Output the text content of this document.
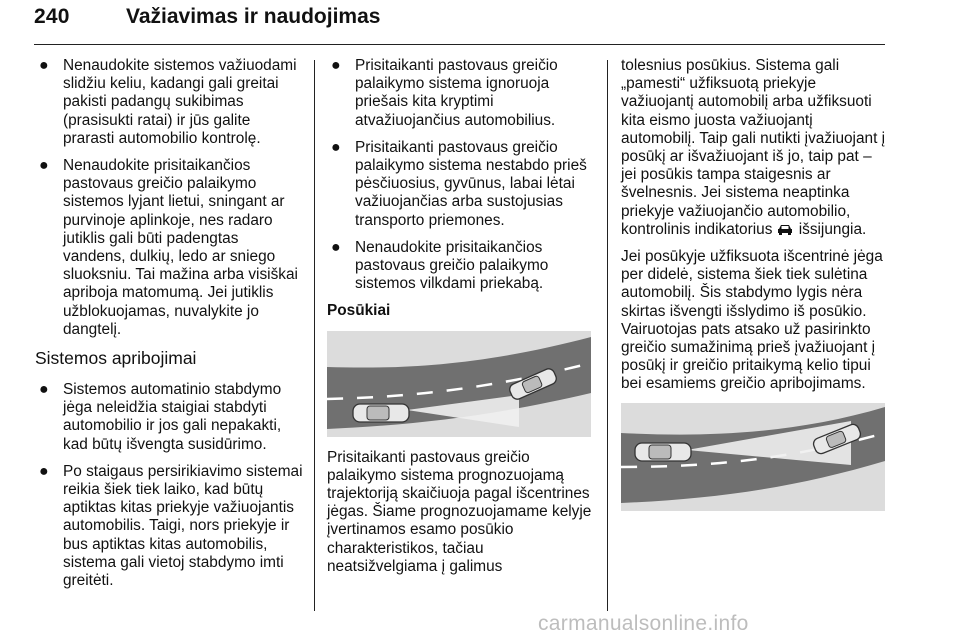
240	Važiavimas ir naudojimas
● Nenaudokite sistemos važiuodami slidžiu keliu, kadangi gali greitai pakisti padangų sukibimas (prasisukti ratai) ir jūs galite prarasti automobilio kontrolę.

● Nenaudokite prisitaikančios pastovaus greičio palaikymo sistemos lyjant lietui, sningant ar purvinoje aplinkoje, nes radaro jutiklis gali būti padengtas vandens, dulkių, ledo ar sniego sluoksniu. Tai mažina arba visiškai apriboja matomumą. Jei jutiklis užblokuojamas, nuvalykite jo dangtelį.

Sistemos apribojimai
● Sistemos automatinio stabdymo jėga neleidžia staigiai stabdyti automobilio ir jos gali nepakakti, kad būtų išvengta susidūrimo.

● Po staigaus persirikiavimo sistemai reikia šiek tiek laiko, kad būtų aptiktas kitas priekyje važiuojantis automobilis. Taigi, nors priekyje ir bus aptiktas kitas automobilis, sistema gali vietoj stabdymo imti greitėti.

● Prisitaikanti pastovaus greičio palaikymo sistema ignoruoja priešais kita kryptimi atvažiuojančius automobilius.

● Prisitaikanti pastovaus greičio palaikymo sistema nestabdo prieš pėsčiuosius, gyvūnus, labai lėtai važiuojančias arba sustojusias transporto priemones.

● Nenaudokite prisitaikančios pastovaus greičio palaikymo sistemos vilkdami priekabą.

Posūkiai

Prisitaikanti pastovaus greičio palaikymo sistema prognozuojamą trajektoriją skaičiuoja pagal išcentrines jėgas. Šiame prognozuojamame kelyje įvertinamos esamo posūkio charakteristikos, tačiau neatsižvelgiama į galimus

tolesnius posūkius. Sistema gali „pamesti“ užfiksuotą priekyje važiuojantį automobilį arba užfiksuoti kita eismo juosta važiuojantį automobilį. Taip gali nutikti įvažiuojant į posūkį ar išvažiuojant iš jo, taip pat – jei posūkis tampa staigesnis ar švelnesnis. Jei sistema neaptinka priekyje važiuojančio automobilio, kontrolinis indikatorius išsijungia.

Jei posūkyje užfiksuota išcentrinė jėga per didelė, sistema šiek tiek sulėtina automobilį. Šis stabdymo lygis nėra skirtas išvengti išslydimo iš posūkio. Vairuotojas pats atsako už pasirinkto greičio sumažinimą prieš įvažiuojant į posūkį ir greičio pritaikymą kelio tipui bei esamiems greičio apribojimams.

carmanualsonline.info
